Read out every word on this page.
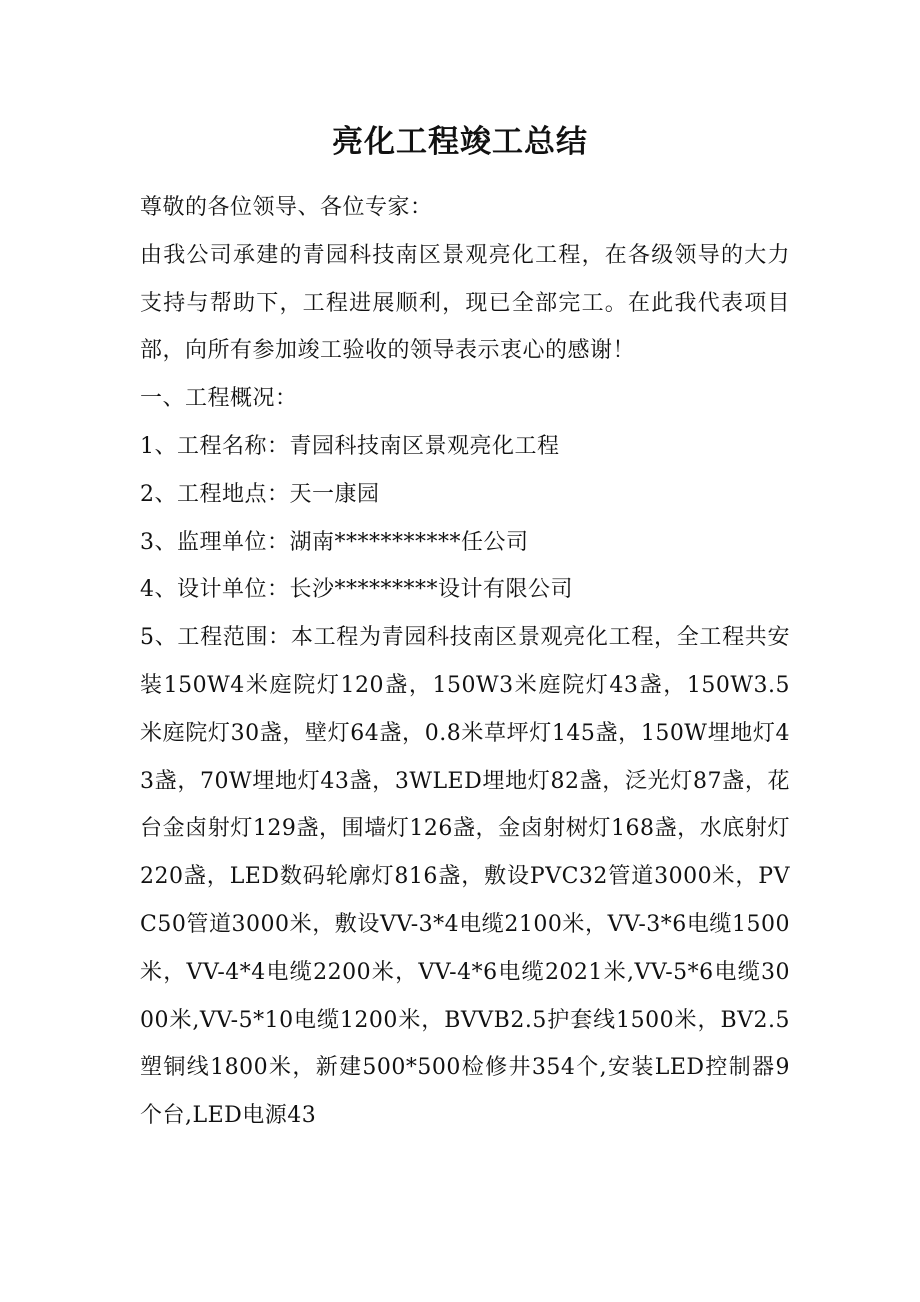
亮化工程竣工总结

尊敬的各位领导、各位专家：

由我公司承建的青园科技南区景观亮化工程，在各级领导的大力支持与帮助下，工程进展顺利，现已全部完工。在此我代表项目部，向所有参加竣工验收的领导表示衷心的感谢！

一、工程概况：

1、工程名称：青园科技南区景观亮化工程

2、工程地点：天一康园

3、监理单位：湖南***********任公司

4、设计单位：长沙*********设计有限公司

5、工程范围：本工程为青园科技南区景观亮化工程，全工程共安装150W4米庭院灯120盏，150W3米庭院灯43盏，150W3.5米庭院灯30盏，壁灯64盏，0.8米草坪灯145盏，150W埋地灯43盏，70W埋地灯43盏，3WLED埋地灯82盏，泛光灯87盏，花台金卤射灯129盏，围墙灯126盏，金卤射树灯168盏，水底射灯220盏，LED数码轮廓灯816盏，敷设PVC32管道3000米，PVC50管道3000米，敷设VV-3*4电缆2100米，VV-3*6电缆1500米，VV-4*4电缆2200米，VV-4*6电缆2021米,VV-5*6电缆3000米,VV-5*10电缆1200米，BVVB2.5护套线1500米，BV2.5塑铜线1800米，新建500*500检修井354个,安装LED控制器9个台,LED电源43
